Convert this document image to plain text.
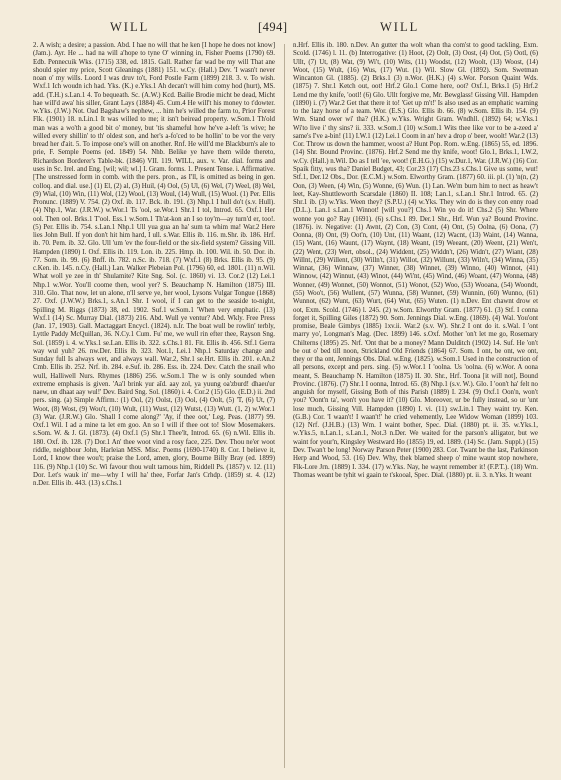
WILL	[494]	WILL

2. A wish; a desire; a passion. Abd. I hae no will that he ken [I hope he does not know] (Jam.). Ayr. He ... had na will a'hope to tyne O' winning in, Fisher Poems (1790) 69. Edb. Pennecuik Wks. (1715) 338, ed. 1815. Gall. Rather far wad be my will That ane should spier my price, Scott Gleanings (1881) 151. w.Cy. (Hall.) Dev. 'I wasn't never noan o' my wills. Loord I was druv to't, Ford Postle Farm (1899) 218. 3. v. To wish. Wxf.1 Ich woudn ich had. Yks. (K.) e.Yks.1 Ah decan't will him comy hod (hurt), MS. add. (T.H.) s.Lan.1 4. To bequeath. Sc. (A.W.) Kcd. Bailie Brodie micht be dead, Micht hae will'd awa' his siller, Grant Lays (1884) 45. Cum.4 He will't his money to t'dowter. w.Yks. (J.W.) Not. Oad Bagshaw's nephew, ... him he's willed the farm to, Prior Forest Flk. (1901) 18. n.Lin.1 It was willed to me; it isn't beiread property. w.Som.1 Th'old man was a wo'th a good bit o' money, but 'tis shameful how he've a-left 'is wive; he willed every shillin' to th' oldest son, and her's a-fo'ced to be hollin' to be vor the very bread her d'ait. 5. To impose one's will on another. Rnf. He will'd me Blackburn's ale to prie, F. Semple Poems (ed. 1849) 54. Nhb. Belike ye have them wilde thereto, Richardson Borderer's Table-bk. (1846) VII. 119. WILL, aux. v. Var. dial. forms and uses in Sc. Irel. and Eng. [wil; wil; wl.] I. Gram. forms. 1. Present Tense. i. Affirmative. [The unstressed form in comb. with the pers. pron., as I'll, is omitted as being in gen. colloq. and dial. use.] (1) El, (2) al, (3) Huil, (4) Ool, (5) Ul, (6) Wel, (7) Weel, (8) Wel, (9) Wial, (10) Win, (11) Wol, (12) Wool, (13) Woul, (14) Wull, (15) Wuol. (1) Per. Ellis Pronunc. (1889) V. 754. (2) Oxf. ib. 117. Bck. ib. 191. (3) Nhp.1 I hull do't (s.v. Hull). (4) Nhp.1, War. (J.R.W.) w.Wor.1 Ts 'ool, se.Wor.1 Shr.1 I tol, Introd. 65. Oxf.1 Her ool. Then ool. Brks.1 T'ool. Ess.1 w.Som.1 Th'at-kon an I so toy'm—ay turn'd er, too!. (5) Per. Ellis ib. 754. s.Lan.1 Nhp.1 Ull yua gua an ha' sum ta whim ma! War.2 Here lies John Bull. If yon don't hit him hard, I ull. s.War. Ellis ib. 116. m.Shr. ib. 186. Hrf. ib. 70. Pem. ib. 32. Glo. Ull 'um 'ev the four-field or the six-field system? Gissing Vill. Hampden (1890) I. Oxf. Ellis ib. 119. Lon. ib. 225. Hmp. ib. 100. Wil. ib. 50. Dor. ib. 77. Som. ib. 99. (6) Bnff. ib. 782. n.Sc. ib. 718. (7) Wxf.1 (8) Brks. Ellis ib. 95. (9) c.Ken. ib. 145. n.Cy. (Hall.) Lan. Walker Plebeian Pol. (1796) 60, ed. 1801. (11) n.Wil. What woll ye zee in th' Shulamite? Kite Sng. Sol. (c. 1860) vi. 13. Cor.2 (12) Lei.1 Nhp.1 w.Wor. You'll coome then, wool yer? S. Beauchamp N. Hamilton (1875) III. 310. Glo. That now, let un alone, n'll serve ye, her wool, Lysons Vulgar Tongue (1868) 27. Oxf. (J.W.W.) Brks.1, s.An.1 Shr. I wool, if I can get to the seaside to-night, Spilling M. Riggs (1873) 38, ed. 1902. Suf.1 w.Som.1 'When very emphatic. (13) Wxf.1 (14) Sc. Murray Dial. (1873) 216. Abd. Wull ye ventur? Abd. Wkly. Free Press (Jan. 17, 1903). Gall. Mactaggart Encycl. (1824). n.Ir. The boat wull be rowlin' terbly, Lyttle Paddy McQuillan, 36. N.Cy.1 Cum. Fu' me, we wull rin efter thee, Rayson Sng. Sol. (1859) i. 4. w.Yks.1 se.Lan. Ellis ib. 322. s.Chs.1 81. Fit. Ellis ib. 456. Stf.1 Gerra way wul yuh? 26. nw.Der. Ellis ib. 323. Not.1, Lei.1 Nhp.1 Saturday change and Sunday full Is always wet, and always wall. War.2, Shr.1 se.Hrt. Ellis ib. 201. e.An.2 Cmb. Ellis ib. 252. Nrf. ib. 284. e.Suf. ib. 286. Ess. ib. 224. Dev. Catch the snail who wull, Halliwell Nurs. Rhymes (1886) 256. w.Som.1 The w is only sounded when extreme emphasis is given. 'Aa'l brink yur aīd. aay zol, ya yuung oa'zburd! dhaeu'ur naew, un dhaat aay wul!' Dev. Baird Sng. Sol. (1860) i. 4. Cor.2 (15) Glo. (E.D.) ii. 2nd pers. sing. (a) Simple Affirm.: (1) Ool, (2) Oolst, (3) Ool, (4) Oolt, (5) 'T, (6) Ut, (7) Woot, (8) Wost, (9) Wou't, (10) Wult, (11) Wust, (12) Wutst, (13) Wutt. (1, 2) w.Wor.1 (3) War. (J.R.W.) Glo. 'Shall I come along?' 'Ay, if thee oot,' Leg. Peas. (1877) 99. Oxf.1 Wil. I ad a mine ta let em goo. An so I will if thee oot to! Slow Mosemakers. s.Som. W. & J. Gl. (1873). (4) Oxf.1 (5) Shr.1 Thee'lt, Introd. 65. (6) n.Wil. Ellis ib. 180. Oxf. ib. 128. (7) Dor.1 An' thee woot vind a rosy face, 225. Dev. Thou ne'er woot riddle, neighbour John, Harleian MSS. Misc. Poems (1690-1740) 8. Cor. I believe it, Lord, I know thee wou't; praise the Lord, amen, glory, Bourne Billy Bray (ed. 1899) 116. (9) Nhp.1 (10) Sc. Wi favour thou wult tarnous him, Riddell Ps. (1857) v. 12. (11) Dor. Let's wauk in' me—why I will ha' thee, Forfar Jan's Crhdp. (1859) st. 4. (12) n.Der. Ellis ib. 443. (13) s.Chs.1

n.Hrf. Ellis ib. 180. n.Dev. An gutter tha wolt whan tha com'st to good tackling, Exm. Scold. (1746) l. 11. (b) Interrogative: (1) Hoot, (2) Oolt, (3) Oost, (4) Oot, (5) Ootl, (6) Ullt, (7) Ut, (8) Wat, (9) Wi't, (10) Wits, (11) Woodst, (12) Woolt, (13) Woost, (14) Woot, (15) Wult, (16) Wus, (17) Wut. (1) Wil. Slow Gl. (1892). Som. Swetman Wincanton Gl. (1885). (2) Brks.1 (3) n.Wor. (H.K.) (4) s.Wor. Porson Quaint Wds. (1875) 7. Shr.1 Ketch out, oot! Hrf.2 Glo.1 Come here, oot? Oxf.1, Brks.1 (5) Hrf.2 Lend me thy knife, 'ootl! (6) Glo. Ullt forgive me, Mr. Bewglass! Gissing Vill. Hampden (1890) i. (7) War.2 Get that there it to! 'Get up m't!' Is also used as an emphatic warning to the lazy horse of a team. Wor. (E.S.) Glo. Ellis ib. 66. (8) w.Som. Ellis ib. 154. (9) Wm. Stand ower wi' tha? (H.K.) w.Yks. Wright Gram. Wndhll. (1892) 64; w.Yks.1 Wi'to live i' thy sins? ii. 333. w.Som.1 (10) w.Som.1 Wits thee like vor to be a-zeed a' same's I've a-bin! (11) I.W.1 (12) Lei.1 Coom in an' hev a drop o' beer, woolt! War.2 (13) Cor. Throw us down the hammer, woost a? Hunt Pop. Rom. w.Eng. (1865) 55, ed. 1896. (14) Shr. Bound Provinc. (1876). Hrf.2 Send me thy knife, woot! Glo.1, Brks.1, I.W.2, w.Cy. (Hall.) n.Wil. Do as I tell 'ee, woot! (E.H.G.) (15) w.Dur.1, War. (J.R.W.) (16) Cor. Spaik fitty, wus tha? Daniel Budget, 43; Cor.23 (17) Chs.23 s.Chs.1 Give us some, wut! Stf.1, Der.12 Obs., Dor. (E.C.M.) w.Som. Elworthy Gram. (1877) 60. iii. pl. (1) 'n(n, (2) Oon, (3) Ween, (4) Win, (5) Wonne, (6) Wun. (1) Lan. We'm burn him to nect as heaw't leet, Kay-Shuttleworth Scarsdale (1860) II. 108; Lan.1, s.Lan.1 Shr.1 Introd. 65. (2) Shr.1 ib. (3) w.Yks. Ween they? (S.P.U.) (4) w.Yks. They win do is they con enny road (D.L.). Lan.1 s.Lan.1 Winnot! [will you?] Chs.1 Win yo do it! Chs.2 (5) Shr. Where wonne you go? Ray (1691). (6) s.Chs.1 89. Der.1 Shr., Hrf. Wun ya? Bound Provinc. (1876). iv. Negative: (1) Awnt, (2) Con, (3) Cont, (4) Ont, (5) Oolna, (6) Oona, (7) Oonna, (8) Ont, (9) Oot'n, (10) Unt, (11) Waant, (12) Wacnt, (13) Waint, (14) Wanna, (15) Want, (16) Waunt, (17) Waynt, (18) Weant, (19) Weeant, (20) Weent, (21) Wen't, (22) Went, (23) Wert, obsol., (24) Widdent, (25) Widdn't, (26) Widn't, (27) Wiant, (28) Willnt, (29) Willent, (30) Willn't, (31) Willot, (32) Willunt, (33) Wiln't, (34) Winna, (35) Winnat, (36) Winnaw, (37) Winner, (38) Winnet, (39) Winno, (40) Winnot, (41) Winnow, (42) Winnut, (43) Winot, (44) Wi'nt, (45) Wind, (46) Woant, (47) Wonna, (48) Wonner, (49) Wonnet, (50) Wonnot, (51) Wonot, (52) Woo, (53) Wooana, (54) Woondt, (55) Woo't, (56) Wullent, (57) Wunna, (58) Wunnet, (59) Wunnin, (60) Wunno, (61) Wunnot, (62) Wunt, (63) Wurt, (64) Wut, (65) Wuten. (1) n.Dev. Ent chawnt drow et oot, Exm. Scold. (1746) l. 245. (2) w.Som. Elworthy Gram. (1877) 61. (3) Stf. I conna forget it, Spilling Giles (1872) 90. Som. Jennings Dial. w.Eng. (1869). (4) Wal. You'ont promise, Beale Gimbys (1885) 1xv.ii. War.2 (s.v. W). Shr.2 I ont do it. s.Wal. I 'ont marry yo', Longman's Mag. (Dec. 1899) 146. s.Oxf. Mother 'on't let me go, Rosemary Chilterns (1895) 25. Nrf. 'Ont that be a money? Mann Dulditch (1902) 14. Suf. He 'on't be out o' bed till noon, Strickland Old Friends (1864) 67. Som. I ont, be ont, we ont, they or tha ont, Jennings Obs. Dial. w.Eng. (1825). w.Som.1 Used in the construction of all persons, except and pers. sing. (5) w.Wor.1 I 'oolna. Us 'oolna. (6) w.Wor. A oona meant, S. Beauchamp N. Hamilton (1875) II. 30. Shr., Hrf. Toona [it will not], Bound Provinc. (1876). (7) Shr.1 I oonna, Introd. 65. (8) Nhp.1 (s.v. W.). Glo. I 'oon't ha' felt no anguish for myself, Gissing Both of this Parish (1889) I. 234. (9) Oxf.1 Oon'n, won't you? 'Oont'n ta', won't you have it? (10) Glo. Moreover, ur be fully instead, so ur 'unt lose much, Gissing Vill. Hampden (1890) I. vi. (11) sw.Lin.1 They waint try. Ken. (G.B.) Cor. 'I waan't! I waan't!' he cried vehemently, Lee Widow Woman (1899) 103. (12) Nrf. (J.H.B.) (13) Wm. I waint bother, Spec. Dial. (1880) pt. ii. 35. w.Yks.1, w.Yks.5, n.Lan.1, s.Lan.1, Not.3 n.Der. We waited for the parson's alligator, but we waint for your'n, Kingsley Westward Ho (1855) 19, ed. 1889. (14) Sc. (Jam. Suppl.) (15) Dev. Twan't be long! Norway Parson Peter (1900) 283. Cor. Twant be the last, Parkinson Herp and Wood, 53. (16) Dev. Why, thek blamed sheep o' mine waunt stop nowhere, Flk-Lore Jrn. (1889) I. 334. (17) w.Yks. Nay, he waynt remember it! (F.P.T.). (18) Wm. Thomas weant be tyhit wi gaain te t'skooal, Spec. Dial. (1880) pt. ii. 3. n.Yks. It weant
